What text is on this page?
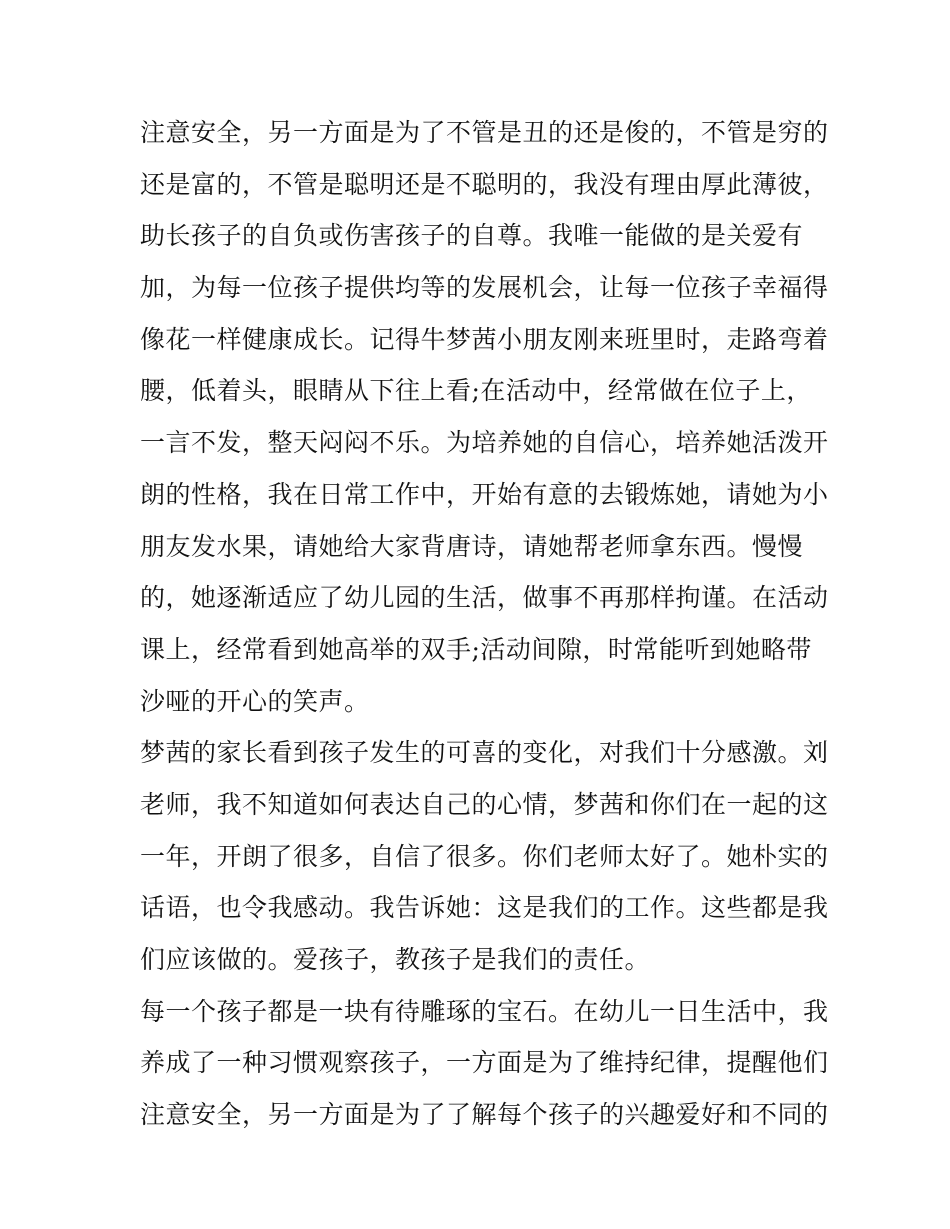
注意安全，另一方面是为了不管是丑的还是俊的，不管是穷的
还是富的，不管是聪明还是不聪明的，我没有理由厚此薄彼，
助长孩子的自负或伤害孩子的自尊。我唯一能做的是关爱有
加，为每一位孩子提供均等的发展机会，让每一位孩子幸福得
像花一样健康成长。记得牛梦茜小朋友刚来班里时，走路弯着
腰，低着头，眼睛从下往上看;在活动中，经常做在位子上，
一言不发，整天闷闷不乐。为培养她的自信心，培养她活泼开
朗的性格，我在日常工作中，开始有意的去锻炼她，请她为小
朋友发水果，请她给大家背唐诗，请她帮老师拿东西。慢慢
的，她逐渐适应了幼儿园的生活，做事不再那样拘谨。在活动
课上，经常看到她高举的双手;活动间隙，时常能听到她略带
沙哑的开心的笑声。
梦茜的家长看到孩子发生的可喜的变化，对我们十分感激。刘
老师，我不知道如何表达自己的心情，梦茜和你们在一起的这
一年，开朗了很多，自信了很多。你们老师太好了。她朴实的
话语，也令我感动。我告诉她：这是我们的工作。这些都是我
们应该做的。爱孩子，教孩子是我们的责任。
每一个孩子都是一块有待雕琢的宝石。在幼儿一日生活中，我
养成了一种习惯观察孩子，一方面是为了维持纪律，提醒他们
注意安全，另一方面是为了了解每个孩子的兴趣爱好和不同的
